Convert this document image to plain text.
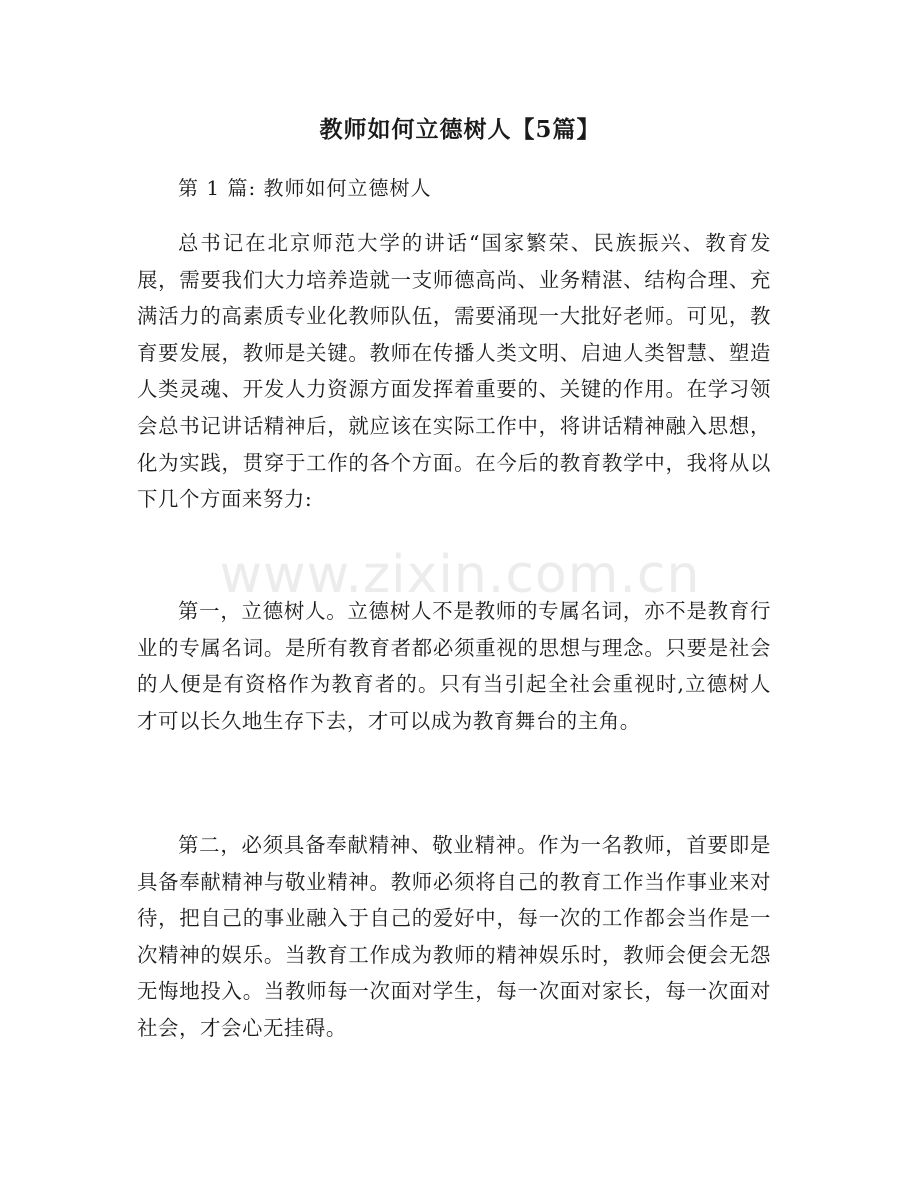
教师如何立德树人【5篇】

第 1 篇: 教师如何立德树人

总书记在北京师范大学的讲话“国家繁荣、民族振兴、教育发展，需要我们大力培养造就一支师德高尚、业务精湛、结构合理、充满活力的高素质专业化教师队伍，需要涌现一大批好老师。可见，教育要发展，教师是关键。教师在传播人类文明、启迪人类智慧、塑造人类灵魂、开发人力资源方面发挥着重要的、关键的作用。在学习领会总书记讲话精神后，就应该在实际工作中，将讲话精神融入思想，化为实践，贯穿于工作的各个方面。在今后的教育教学中，我将从以下几个方面来努力:

www.zixin.com.cn

第一，立德树人。立德树人不是教师的专属名词，亦不是教育行业的专属名词。是所有教育者都必须重视的思想与理念。只要是社会的人便是有资格作为教育者的。只有当引起全社会重视时,立德树人才可以长久地生存下去，才可以成为教育舞台的主角。

第二，必须具备奉献精神、敬业精神。作为一名教师，首要即是具备奉献精神与敬业精神。教师必须将自己的教育工作当作事业来对待，把自己的事业融入于自己的爱好中，每一次的工作都会当作是一次精神的娱乐。当教育工作成为教师的精神娱乐时，教师会便会无怨无悔地投入。当教师每一次面对学生，每一次面对家长，每一次面对社会，才会心无挂碍。
